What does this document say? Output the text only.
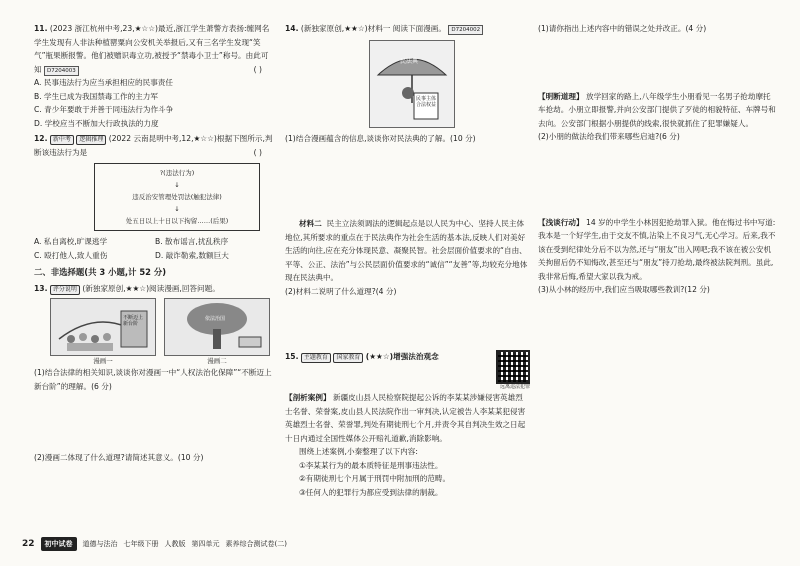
11. (2023 浙江杭州中考,23,★☆☆)最近,浙江学生萧警方表扬:缠网名学生发现有人非法种植罂粟向公安机关举报后,又有三名学生发现“笑气”瓶果断报警。他们被赠识毒立功,被授予“禁毒小卫士”称号。由此可知 D7204003	( )
A. 民事违法行为应当承担相应的民事责任
B. 学生已成为我国禁毒工作的主力军
C. 青少年要敢于并善于同违法行为作斗争
D. 学校应当不断加大行政执法的力度
12. 新中考 逻辑推理 (2022 云南昆明中考,12,★☆☆)根据下图所示,判断该违法行为是	( )
?(违法行为)
↓
违反治安管理处罚法(触犯法律)
↓
处五日以上十日以下拘留……(后果)
A. 私自离校,旷课逃学	B. 散布谣言,扰乱秩序
C. 殴打他人,致人重伤	D. 敲诈勒索,数额巨大
二、非选择题(共 3 小题,计 52 分)
13. 评分说明 (新独家原创,★★☆)阅读漫画,回答问题。
不断迈上新台阶
漫画一
依法治国
漫画二
(1)结合法律的相关知识,谈谈你对漫画一中“人权法治化保障”“不断迈上新台阶”的理解。(6 分)
(2)漫画二体现了什么道理?请简述其意义。(10 分)
14. (新独家原创,★★☆)材料一 阅读下面漫画。 D7204002
民法典
民事主体合法权益
(1)结合漫画蕴含的信息,谈谈你对民法典的了解。(10 分)
材料二 民主立法须调法的逻辑起点是以人民为中心、坚持人民主体地位,其所要求的重点在于民法典作为社会生活的基本法,反映人们对美好生活的向往,应在充分体现民意、凝聚民智。社会层面价值要求的“自由、平等、公正、法治”与公民层面价值要求的“诚信”“友善”等,均较充分地体现在民法典中。
(2)材料二说明了什么道理?(4 分)
15. 主题教育 国家教育 (★★☆)增强法治观念
远离违法犯罪
【剖析案例】 新疆皮山县人民检察院提起公诉的李某某涉嫌侵害英雄烈士名誉、荣誉案,皮山县人民法院作出一审判决,认定被告人李某某犯侵害英雄烈士名誉、荣誉罪,判处有期徒刑七个月,并责令其自判决生效之日起十日内通过全国性媒体公开赔礼道歉,消除影响。
围绕上述案例,小秦整理了以下内容:
①李某某行为的最本质特征是刑事违法性。
②有期徒刑七个月属于刑罚中附加刑的范畴。
③任何人的犯罪行为都应受到法律的制裁。
(1)请你指出上述内容中的错误之处并改正。(4 分)
【明断道理】 放学回家的路上,八年级学生小朋看见一名男子抢劫摩托车抢劫。小朋立即报警,并向公安部门提供了歹徒的相貌特征、车牌号和去向。公安部门根据小朋提供的线索,很快就抓住了犯罪嫌疑人。
(2)小朋的做法给我们带来哪些启迪?(6 分)
【浅谈行动】 14 岁的中学生小林因犯抢劫罪入狱。他在悔过书中写道:我本是一个好学生,由于交友不慎,沾染上不良习气,无心学习。后来,我不该在受到纪律处分后不以为然,还与“朋友”出入网吧;我不该在被公安机关拘留后仍不知悔改,甚至还与“朋友”持刀抢劫,最终被法院判刑。虽此,我非常后悔,希望大家以我为戒。
(3)从小林的经历中,我们应当吸取哪些教训?(12 分)
22	初中试卷	道德与法治 七年级下册 人教版 第四单元 素养综合测试卷(二)
